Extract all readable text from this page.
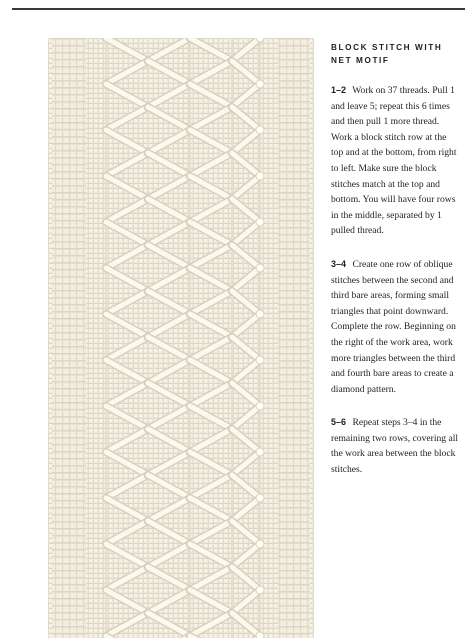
BLOCK STITCH WITH NET MOTIF

1–2 Work on 37 threads. Pull 1 and leave 5; repeat this 6 times and then pull 1 more thread. Work a block stitch row at the top and at the bottom, from right to left. Make sure the block stitches match at the top and bottom. You will have four rows in the middle, separated by 1 pulled thread.

3–4 Create one row of oblique stitches between the second and third bare areas, forming small triangles that point downward. Complete the row. Beginning on the right of the work area, work more triangles between the third and fourth bare areas to create a diamond pattern.

5–6 Repeat steps 3–4 in the remaining two rows, covering all the work area between the block stitches.
